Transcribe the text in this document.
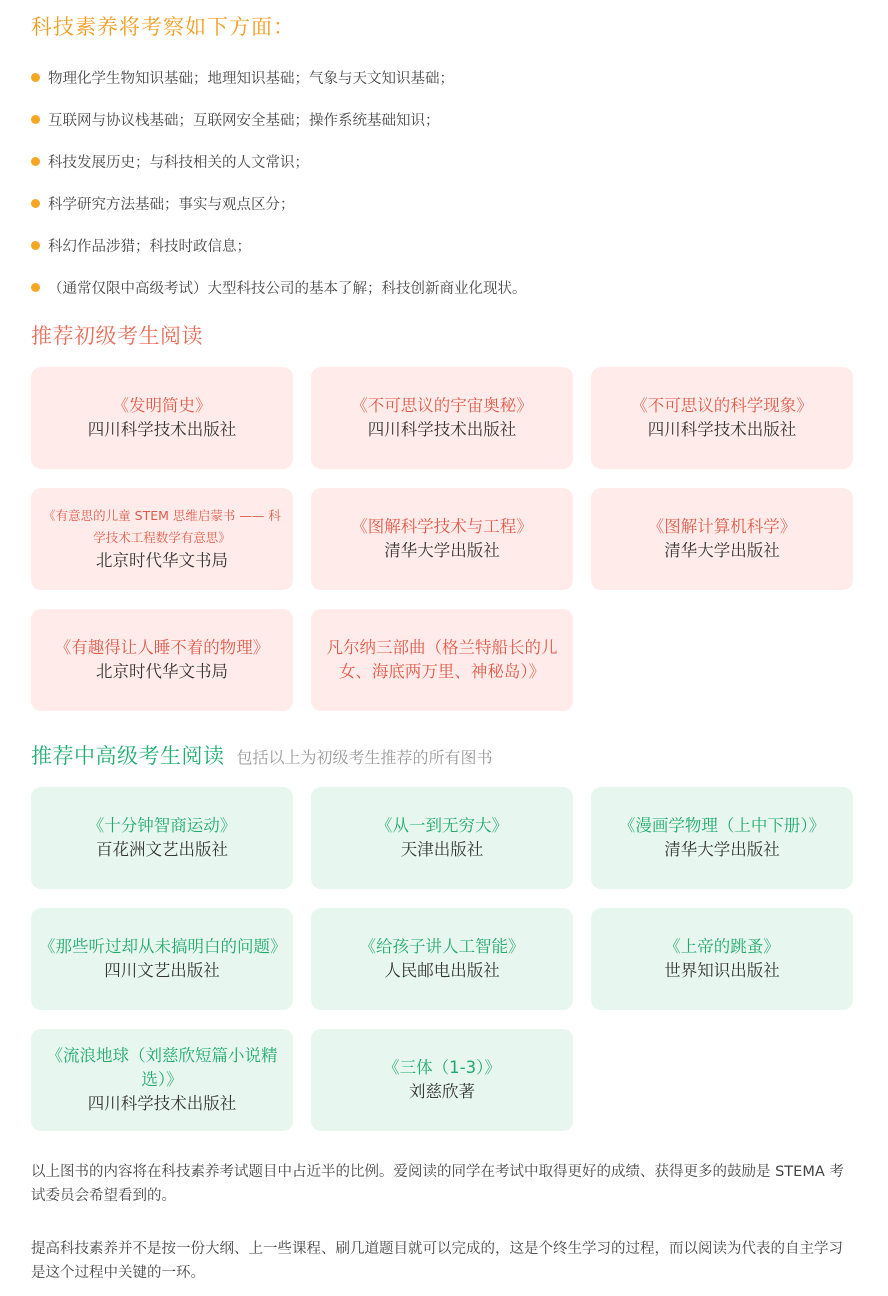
科技素养将考察如下方面：
物理化学生物知识基础；地理知识基础；气象与天文知识基础；
互联网与协议栈基础；互联网安全基础；操作系统基础知识；
科技发展历史；与科技相关的人文常识；
科学研究方法基础；事实与观点区分；
科幻作品涉猎；科技时政信息；
（通常仅限中高级考试）大型科技公司的基本了解；科技创新商业化现状。
推荐初级考生阅读
《发明简史》
四川科学技术出版社
《不可思议的宇宙奥秘》
四川科学技术出版社
《不可思议的科学现象》
四川科学技术出版社
《有意思的儿童 STEM 思维启蒙书 —— 科学技术工程数学有意思》
北京时代华文书局
《图解科学技术与工程》
清华大学出版社
《图解计算机科学》
清华大学出版社
《有趣得让人睡不着的物理》
北京时代华文书局
凡尔纳三部曲（格兰特船长的儿女、海底两万里、神秘岛）》
推荐中高级考生阅读 包括以上为初级考生推荐的所有图书
《十分钟智商运动》
百花洲文艺出版社
《从一到无穷大》
天津出版社
《漫画学物理（上中下册）》
清华大学出版社
《那些听过却从未搞明白的问题》
四川文艺出版社
《给孩子讲人工智能》
人民邮电出版社
《上帝的跳蚤》
世界知识出版社
《流浪地球（刘慈欣短篇小说精选）》
四川科学技术出版社
《三体（1-3）》
刘慈欣著

以上图书的内容将在科技素养考试题目中占近半的比例。爱阅读的同学在考试中取得更好的成绩、获得更多的鼓励是 STEMA 考试委员会希望看到的。

提高科技素养并不是按一份大纲、上一些课程、刷几道题目就可以完成的，这是个终生学习的过程，而以阅读为代表的自主学习是这个过程中关键的一环。
